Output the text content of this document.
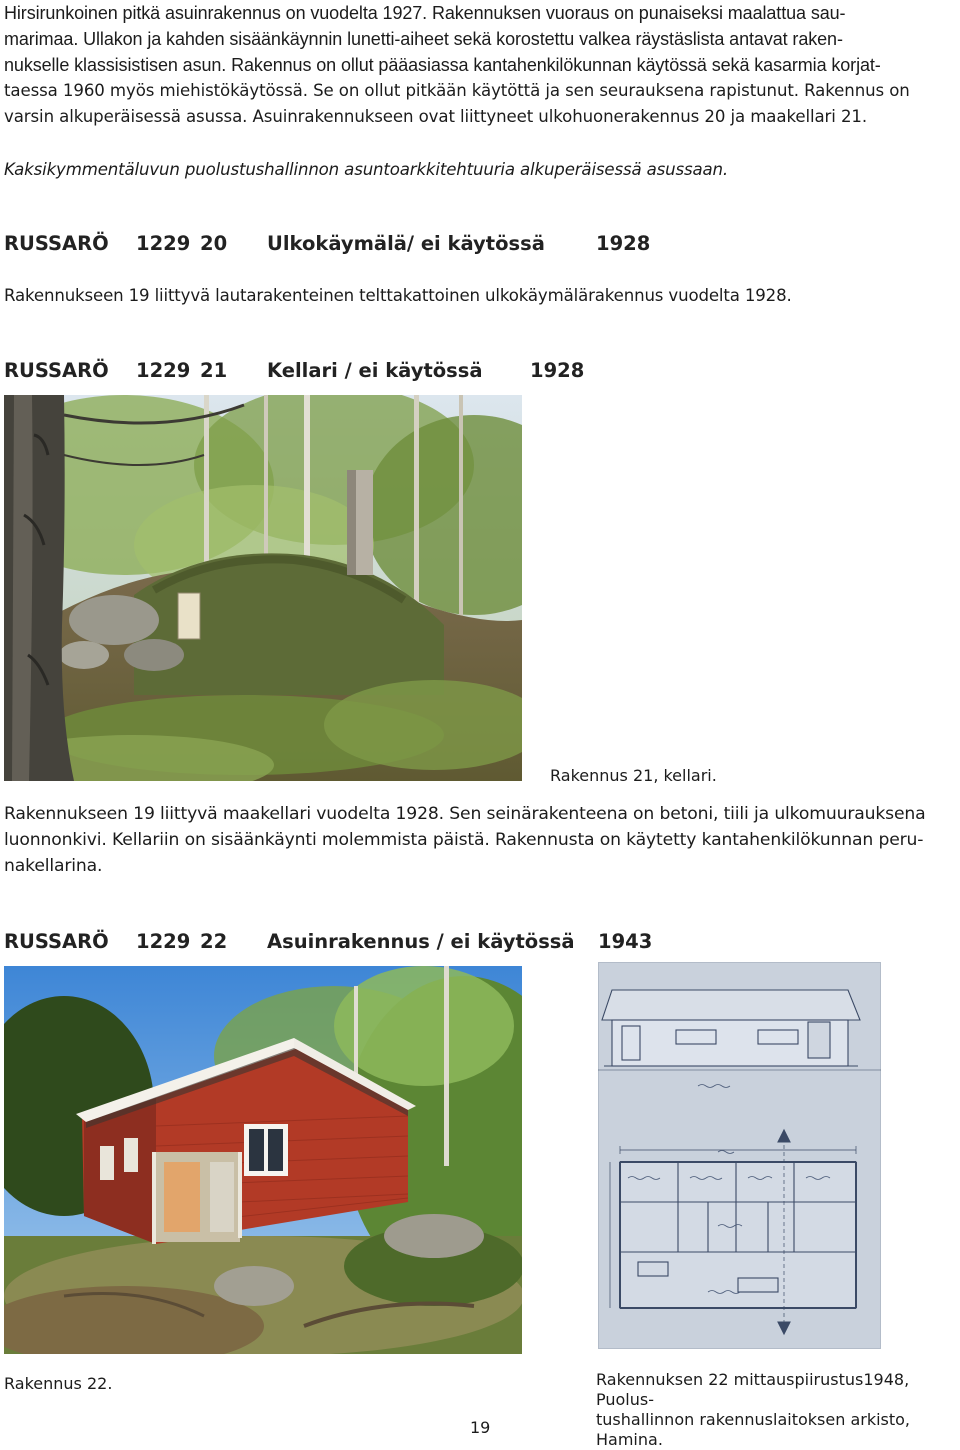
Hirsirunkoinen pitkä asuinrakennus on vuodelta 1927. Rakennuksen vuoraus on punaiseksi maalattua sau-
marimaa. Ullakon ja kahden sisäänkäynnin lunetti-aiheet sekä korostettu valkea räystäslista antavat raken-
nukselle klassisistisen asun. Rakennus on ollut pääasiassa kantahenkilökunnan käytössä sekä kasarmia korjat-
taessa 1960 myös miehistökäytössä. Se on ollut pitkään käytöttä ja sen seurauksena rapistunut. Rakennus on
varsin alkuperäisessä asussa. Asuinrakennukseen ovat liittyneet ulkohuonerakennus 20 ja maakellari 21.

Kaksikymmentäluvun puolustushallinnon asuntoarkkitehtuuria alkuperäisessä asussaan.

RUSSARÖ 1229 20 Ulkokäymälä/ ei käytössä	1928

Rakennukseen 19 liittyvä lautarakenteinen telttakattoinen ulkokäymälärakennus vuodelta 1928.

RUSSARÖ 1229 21 Kellari / ei käytössä 1928

Rakennus 21, kellari.

Rakennukseen 19 liittyvä maakellari vuodelta 1928. Sen seinärakenteena on betoni, tiili ja ulkomuurauksena
luonnonkivi. Kellariin on sisäänkäynti molemmista päistä. Rakennusta on käytetty kantahenkilökunnan peru-
nakellarina.
RUSSARÖ 1229 22 Asuinrakennus / ei käytössä 1943

Rakennus 22.	Rakennuksen 22 mittauspiirustus1948, Puolus-
tushallinnon rakennuslaitoksen arkisto, Hamina.
19
